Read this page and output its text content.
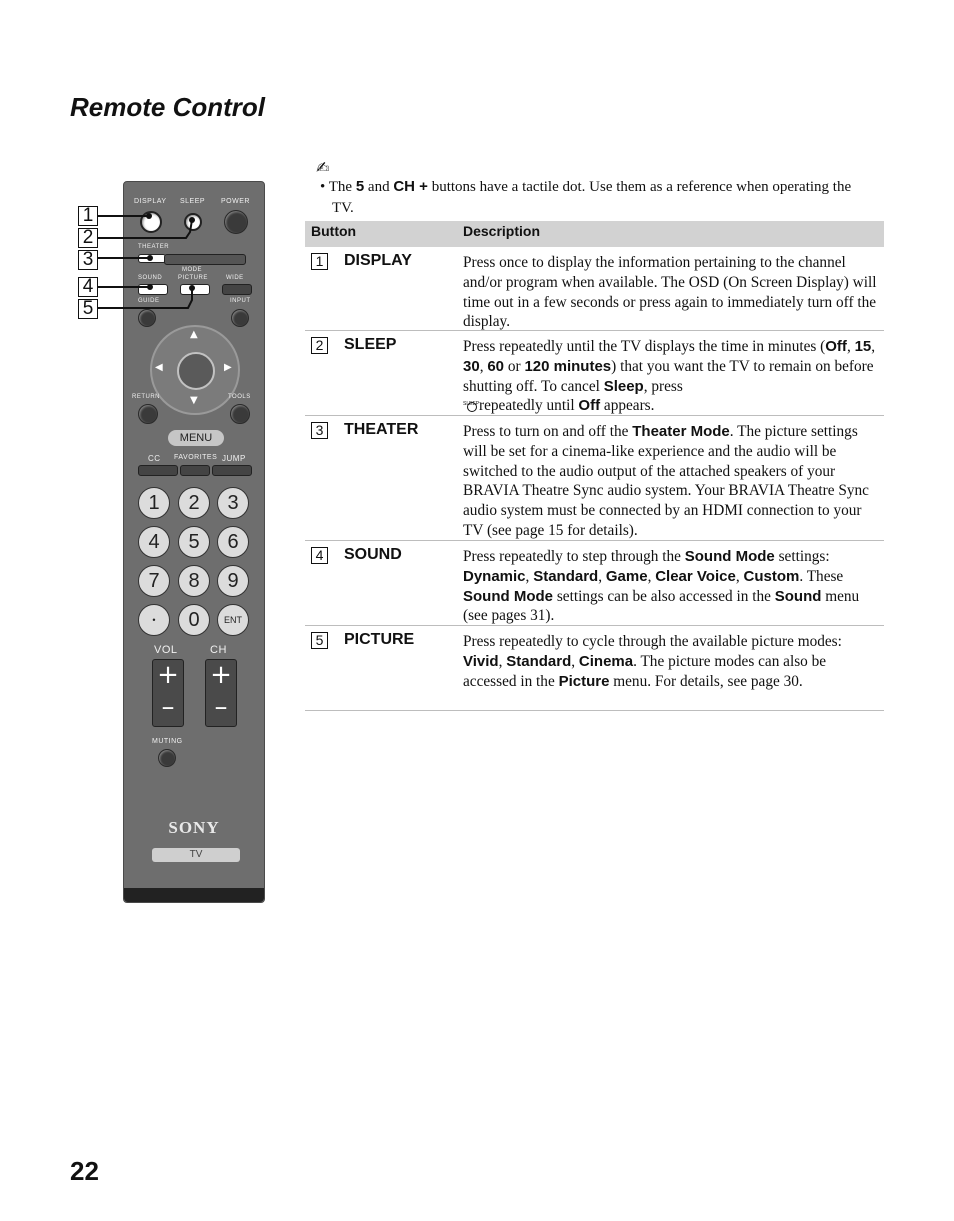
Remote Control
DISPLAY SLEEP POWER
THEATER
MODE
SOUND	PICTURE	WIDE
GUIDE	INPUT
▲
▼
◀	▶
RETURN	TOOLS
MENU
CC FAVORITES JUMP
1	2	3
4	5	6
7	8	9
•	0	ENT
VOL	CH
+
–
+
–
MUTING
SONY
TV
1
2
3
4
5
✍
• The 5 and CH + buttons have a tactile dot. Use them as a reference when operating the TV.
Button	Description
1 DISPLAY	Press once to display the information pertaining to the channel and/or program when available. The OSD (On Screen Display) will time out in a few seconds or press again to immediately turn off the display.
2 SLEEP	Press repeatedly until the TV displays the time in minutes (Off, 15, 30, 60 or 120 minutes) that you want the TV to remain on before shutting off. To cancel Sleep, press

SLEEP repeatedly until Off appears.
3 THEATER	Press to turn on and off the Theater Mode. The picture settings will be set for a cinema-like experience and the audio will be switched to the audio output of the attached speakers of your BRAVIA Theatre Sync audio system. Your BRAVIA Theatre Sync audio system must be connected by an HDMI connection to your TV (see page 15 for details).
4 SOUND	Press repeatedly to step through the Sound Mode settings: Dynamic, Standard, Game, Clear Voice, Custom. These Sound Mode settings can be also accessed in the Sound menu (see pages 31).
5 PICTURE	Press repeatedly to cycle through the available picture modes: Vivid, Standard, Cinema. The picture modes can also be accessed in the Picture menu. For details, see page 30.
22
